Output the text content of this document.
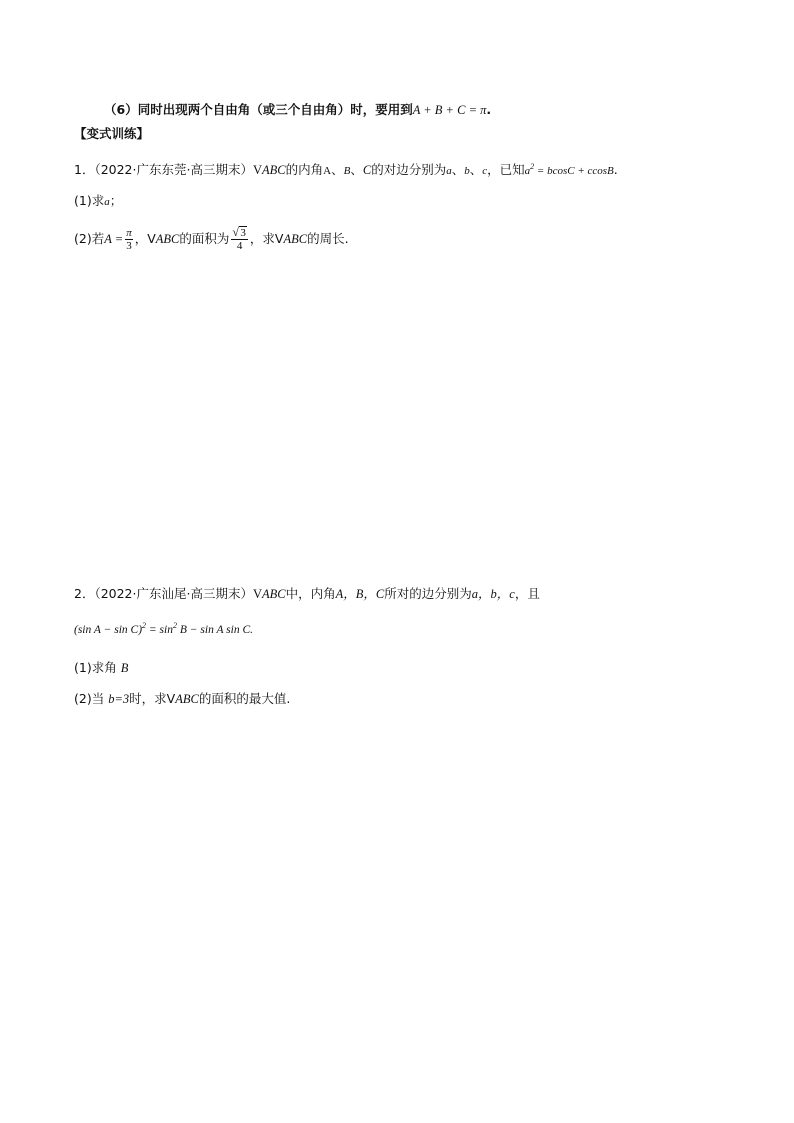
（6）同时出现两个自由角（或三个自由角）时，要用到A + B + C = π.
【变式训练】
1．（2022·广东东莞·高三期末）VABC的内角A、B、C的对边分别为a、b、c，已知$a^2 = bcosC + ccosB$.
(1)求a；
(2)若$A = \frac{\pi}{3}$ ，VABC的面积为 $\frac{√ 3}{4}$ ，求VABC的周长.
2．（2022·广东汕尾·高三期末）VABC中，内角A，B，C所对的边分别为a，b，c，且
(sin $A - \sin C)^2 = \sin^2 B - \sin A$ sin C.
(1)求角 B
(2)当 b=3时，求VABC的面积的最大值.
